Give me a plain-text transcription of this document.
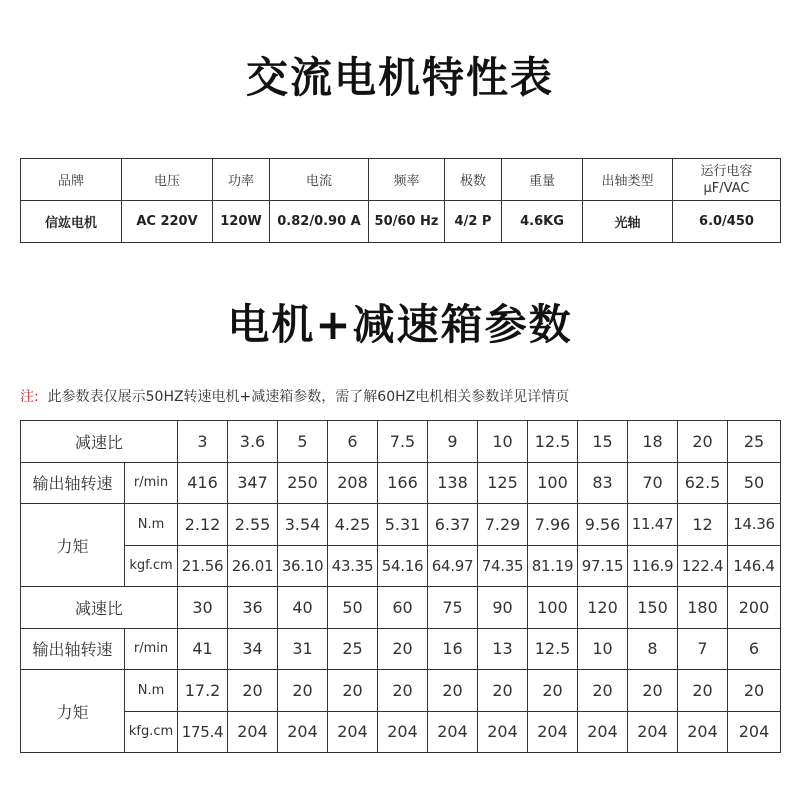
交流电机特性表
品牌	电压	功率	电流	频率	极数	重量	出轴类型	运行电容
μF/VAC

信竑电机	AC 220V	120W	0.82/0.90 A	50/60 Hz	4/2 P	4.6KG	光轴	6.0/450
电机+减速箱参数
注: 此参数表仅展示50HZ转速电机+减速箱参数，需了解60HZ电机相关参数详见详情页
减速比		3	3.6	5	6	7.5	9	10	12.5	15	18	20	25
输出轴转速	r/min	416	347	250	208	166	138	125	100	83	70	62.5	50
力矩	N.m	2.12	2.55	3.54	4.25	5.31	6.37	7.29	7.96	9.56	11.47	12	14.36
	kgf.cm	21.56	26.01	36.10	43.35	54.16	64.97	74.35	81.19	97.15	116.9	122.4	146.4
减速比		30	36	40	50	60	75	90	100	120	150	180	200
输出轴转速	r/min	41	34	31	25	20	16	13	12.5	10	8	7	6
力矩	N.m	17.2	20	20	20	20	20	20	20	20	20	20	20
	kfg.cm	175.4	204	204	204	204	204	204	204	204	204	204	204
